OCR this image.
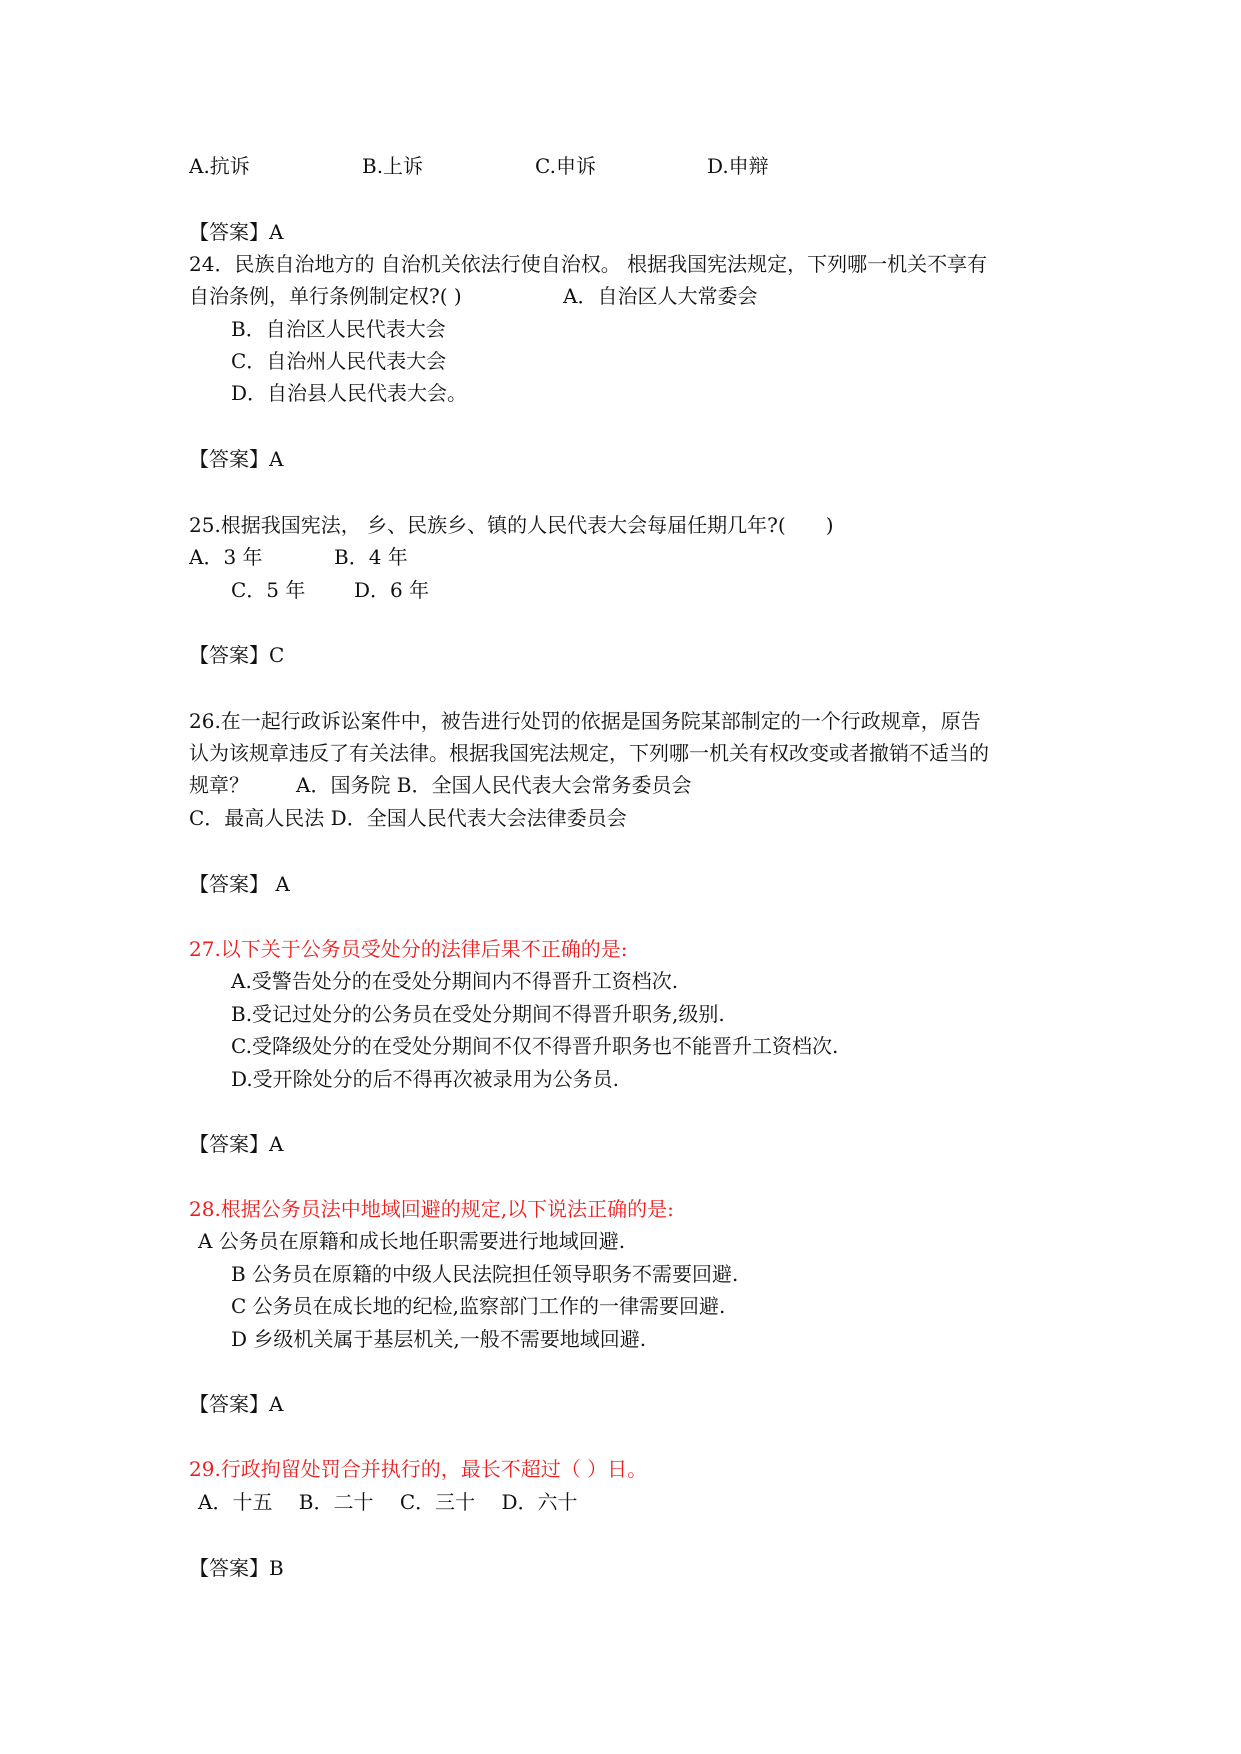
A.抗诉	B.上诉	C.申诉	D.申辩
【答案】A
24．民族自治地方的 自治机关依法行使自治权。 根据我国宪法规定，下列哪一机关不享有
自治条例，单行条例制定权?( )	A．自治区人大常委会
B．自治区人民代表大会
C．自治州人民代表大会
D．自治县人民代表大会。
【答案】A
25.根据我国宪法， 乡、民族乡、镇的人民代表大会每届任期几年?(　　)
A．3 年	B．4 年
C．5 年 D．6 年
【答案】C
26.在一起行政诉讼案件中，被告进行处罚的依据是国务院某部制定的一个行政规章，原告
认为该规章违反了有关法律。根据我国宪法规定，下列哪一机关有权改变或者撤销不适当的
规章？ A．国务院 B．全国人民代表大会常务委员会
C．最高人民法 D．全国人民代表大会法律委员会
【答案】 A
27.以下关于公务员受处分的法律后果不正确的是:
A.受警告处分的在受处分期间内不得晋升工资档次.
B.受记过处分的公务员在受处分期间不得晋升职务,级别.
C.受降级处分的在受处分期间不仅不得晋升职务也不能晋升工资档次.
D.受开除处分的后不得再次被录用为公务员.
【答案】A
28.根据公务员法中地域回避的规定,以下说法正确的是:
A 公务员在原籍和成长地任职需要进行地域回避.
B 公务员在原籍的中级人民法院担任领导职务不需要回避.
C 公务员在成长地的纪检,监察部门工作的一律需要回避.
D 乡级机关属于基层机关,一般不需要地域回避.
【答案】A
29.行政拘留处罚合并执行的，最长不超过（ ）日。
A．十五　 B．二十　 C．三十　 D．六十
【答案】B
